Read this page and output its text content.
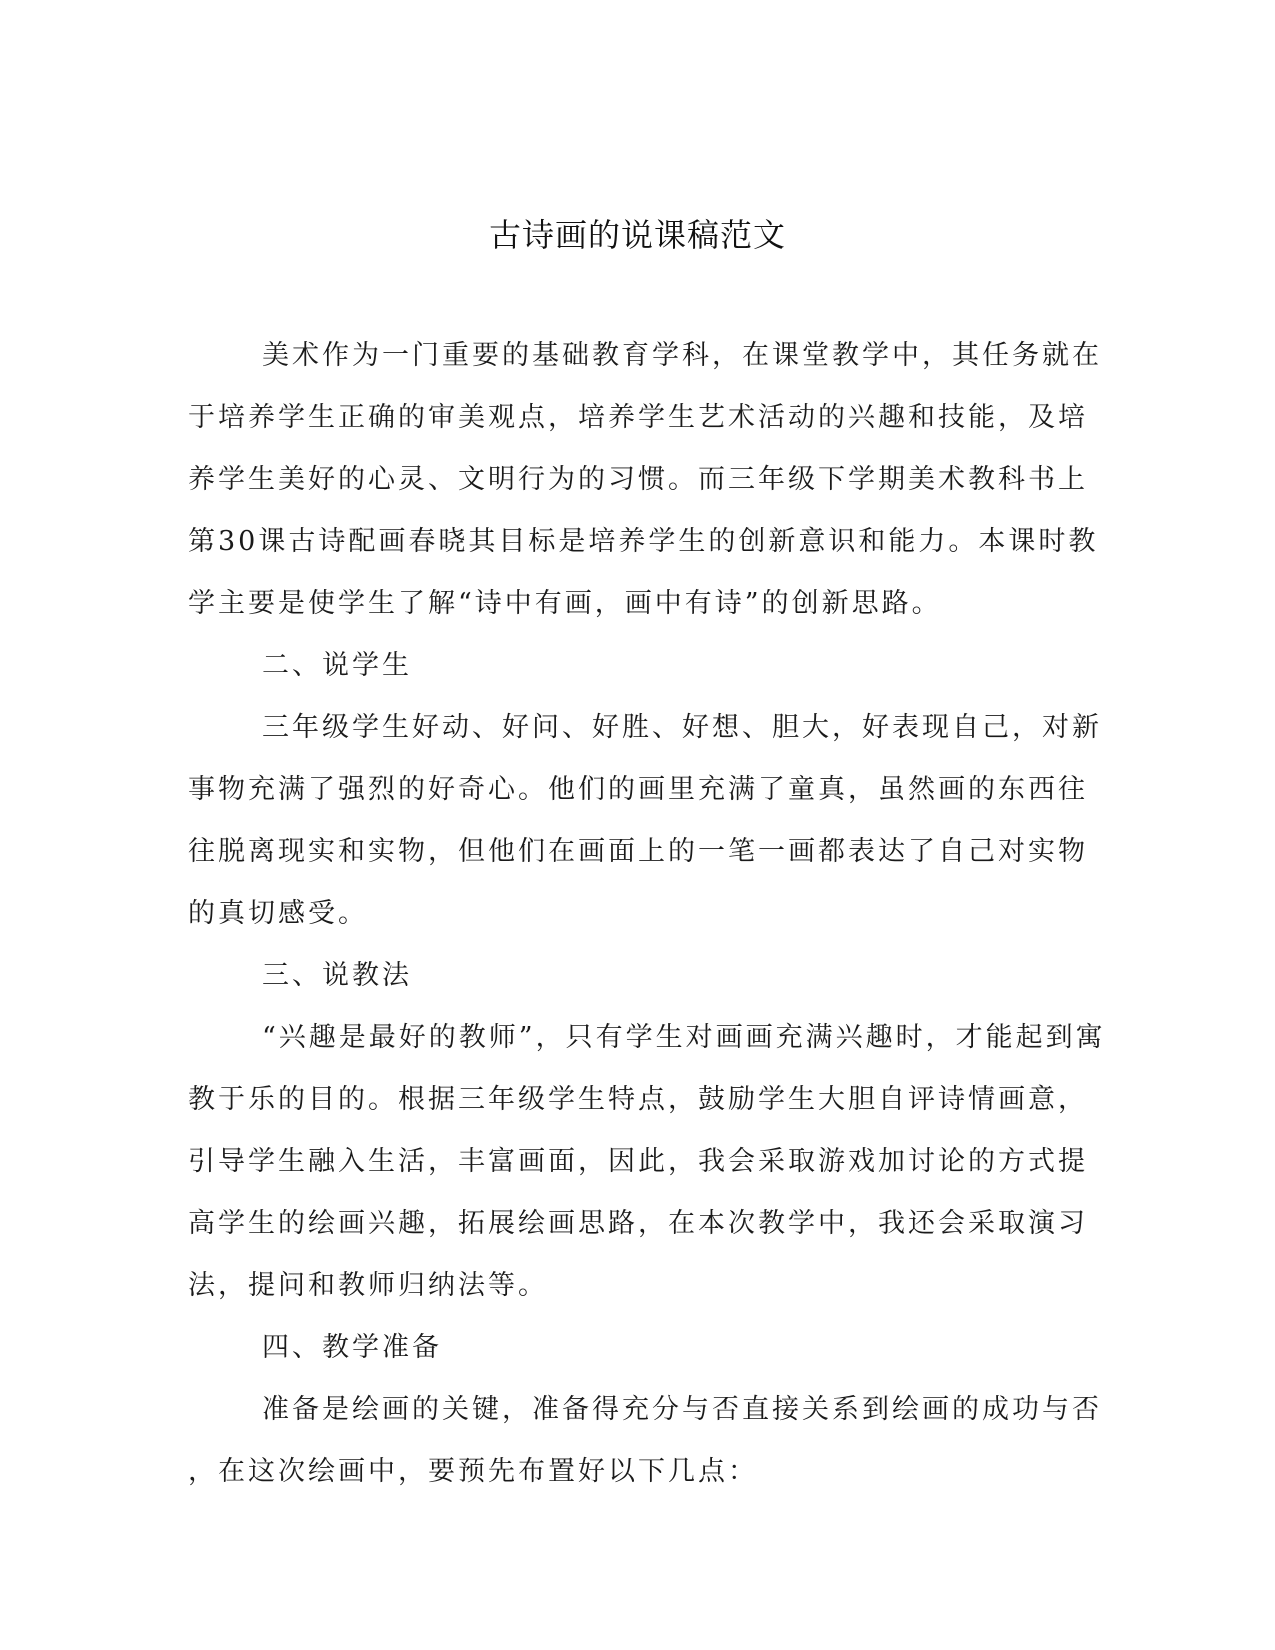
古诗画的说课稿范文
美术作为一门重要的基础教育学科，在课堂教学中，其任务就在
于培养学生正确的审美观点，培养学生艺术活动的兴趣和技能，及培
养学生美好的心灵、文明行为的习惯。而三年级下学期美术教科书上
第30课古诗配画春晓其目标是培养学生的创新意识和能力。本课时教
学主要是使学生了解“诗中有画，画中有诗”的创新思路。
二、说学生
三年级学生好动、好问、好胜、好想、胆大，好表现自己，对新
事物充满了强烈的好奇心。他们的画里充满了童真，虽然画的东西往
往脱离现实和实物，但他们在画面上的一笔一画都表达了自己对实物
的真切感受。
三、说教法
“兴趣是最好的教师”，只有学生对画画充满兴趣时，才能起到寓
教于乐的目的。根据三年级学生特点，鼓励学生大胆自评诗情画意，
引导学生融入生活，丰富画面，因此，我会采取游戏加讨论的方式提
高学生的绘画兴趣，拓展绘画思路，在本次教学中，我还会采取演习
法，提问和教师归纳法等。
四、教学准备
准备是绘画的关键，准备得充分与否直接关系到绘画的成功与否
，在这次绘画中，要预先布置好以下几点：
